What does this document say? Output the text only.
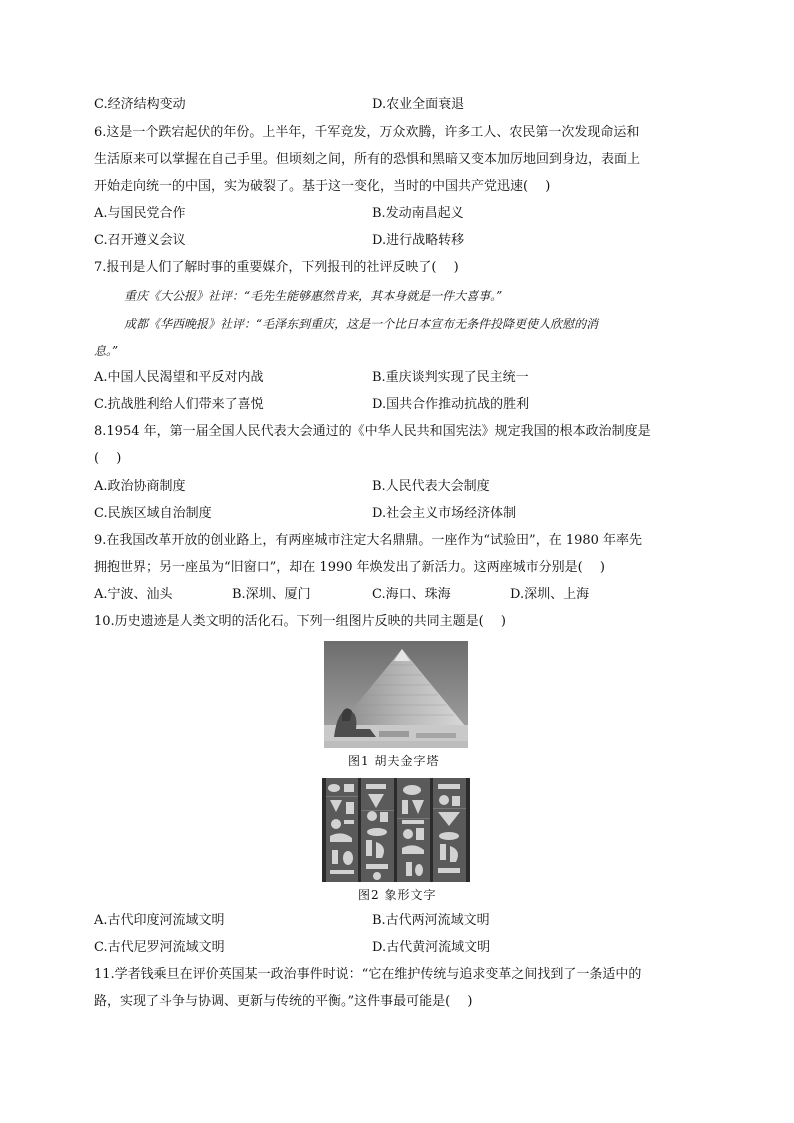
C.经济结构变动	D.农业全面衰退
6.这是一个跌宕起伏的年份。上半年，千军竞发，万众欢腾，许多工人、农民第一次发现命运和
生活原来可以掌握在自己手里。但顷刻之间，所有的恐惧和黑暗又变本加厉地回到身边，表面上
开始走向统一的中国，实为破裂了。基于这一变化，当时的中国共产党迅速(　 )
A.与国民党合作	B.发动南昌起义
C.召开遵义会议	D.进行战略转移
7.报刊是人们了解时事的重要媒介，下列报刊的社评反映了(　 )
重庆《大公报》社评：“毛先生能够惠然肯来，其本身就是一件大喜事。”
成都《华西晚报》社评：“毛泽东到重庆，这是一个比日本宣布无条件投降更使人欣慰的消
息。”
A.中国人民渴望和平反对内战	B.重庆谈判实现了民主统一
C.抗战胜利给人们带来了喜悦	D.国共合作推动抗战的胜利
8.1954 年，第一届全国人民代表大会通过的《中华人民共和国宪法》规定我国的根本政治制度是
(　 )
A.政治协商制度	B.人民代表大会制度
C.民族区域自治制度	D.社会主义市场经济体制
9.在我国改革开放的创业路上，有两座城市注定大名鼎鼎。一座作为“试验田”，在 1980 年率先
拥抱世界；另一座虽为“旧窗口”，却在 1990 年焕发出了新活力。这两座城市分别是(　 )
A.宁波、汕头	B.深圳、厦门	C.海口、珠海	D.深圳、上海
10.历史遗迹是人类文明的活化石。下列一组图片反映的共同主题是(　 )
图1 胡夫金字塔
图2 象形文字
A.古代印度河流域文明	B.古代两河流域文明
C.古代尼罗河流域文明	D.古代黄河流域文明
11.学者钱乘旦在评价英国某一政治事件时说：“它在维护传统与追求变革之间找到了一条适中的
路，实现了斗争与协调、更新与传统的平衡。”这件事最可能是(　 )
